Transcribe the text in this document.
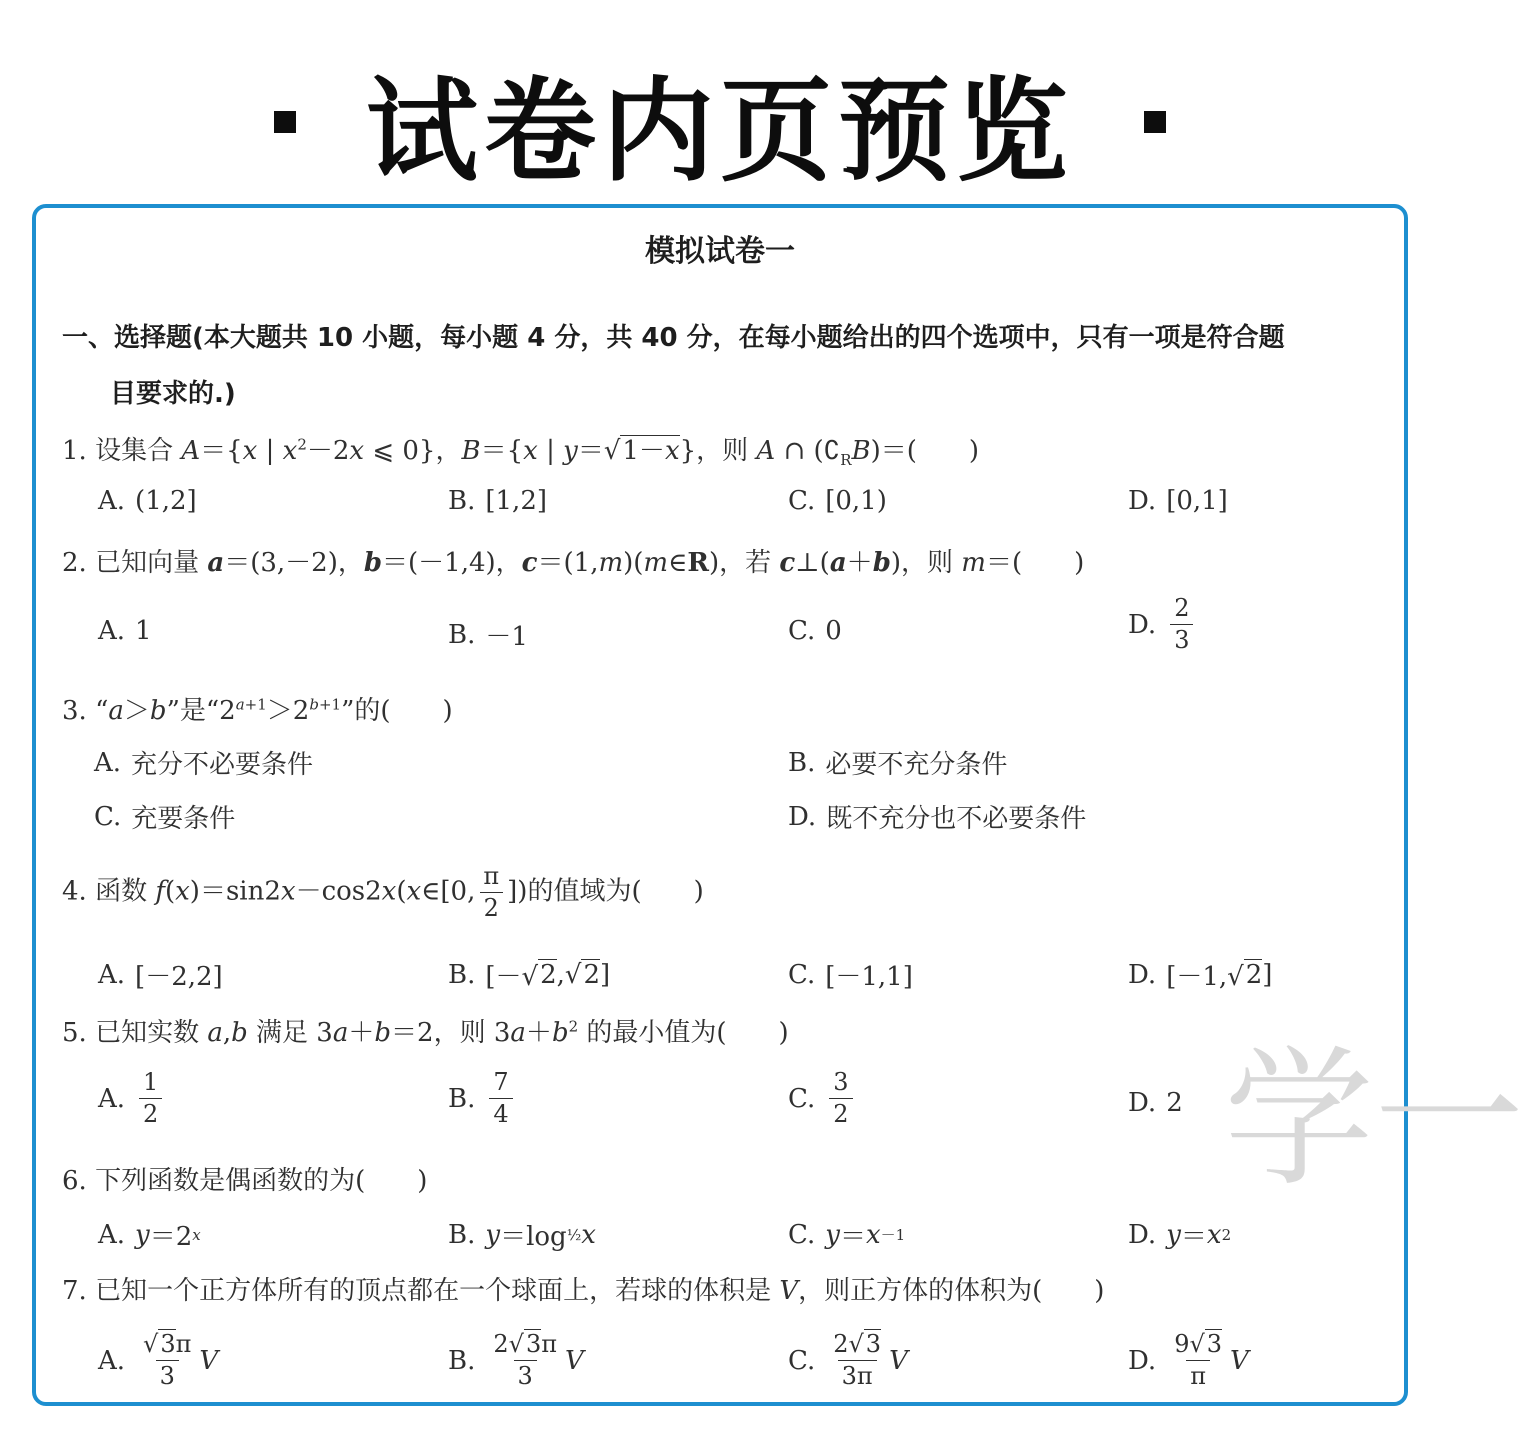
试卷内页预览
学一
模拟试卷一
一、选择题(本大题共 10 小题，每小题 4 分，共 40 分，在每小题给出的四个选项中，只有一项是符合题
目要求的.)
1. 设集合 A＝{x | $x^2-2x$ ⩽ 0}，B＝{x | y＝√1－x}，则 A ∩ $(∁_RB)=$(　　)
A. (1,2]	B. [1,2]	C. [0,1)	D. [0,1]
2. 已知向量 a＝(3,－2)，b＝(－1,4)，c＝(1,m)(m∈R)，若 c⊥(a＋b)，则 m＝(　　)
A. 1	B. －1	C. 0	D. $\frac{2}{3}$
3. “a＞b”是“$2^{a+1}>2^{b+1}$”的(　　)
A. 充分不必要条件	B. 必要不充分条件
C. 充要条件	D. 既不充分也不必要条件
4. 函数 f(x)＝sin2x－cos2x(x∈[0, $\frac{\pi}{2}$ ])的值域为(　　)
A. [－2,2]	B. [－√ 2 ,√ 2 ]	C. [－1,1]	D. [－1,√ 2 ]
5. 已知实数 a,b 满足 3a＋b＝2，则 $3a+b^2$ 的最小值为(　　)
A. $\frac{1}{2}$	B. $\frac{7}{4}$	C. $\frac{3}{2}$	D. 2
6. 下列函数是偶函数的为(　　)
A. y ＝2 x	B. y ＝log ½ x	C. y ＝ x －1	D. y ＝ x 2
7. 已知一个正方体所有的顶点都在一个球面上，若球的体积是 V，则正方体的体积为(　　)
A. $\frac{√3\pi}{3}$ V	B. $\frac{2√3\pi}{3}$ V	C. $\frac{2√3}{3\pi}$ V	D. $\frac{9√3}{\pi}$ V
